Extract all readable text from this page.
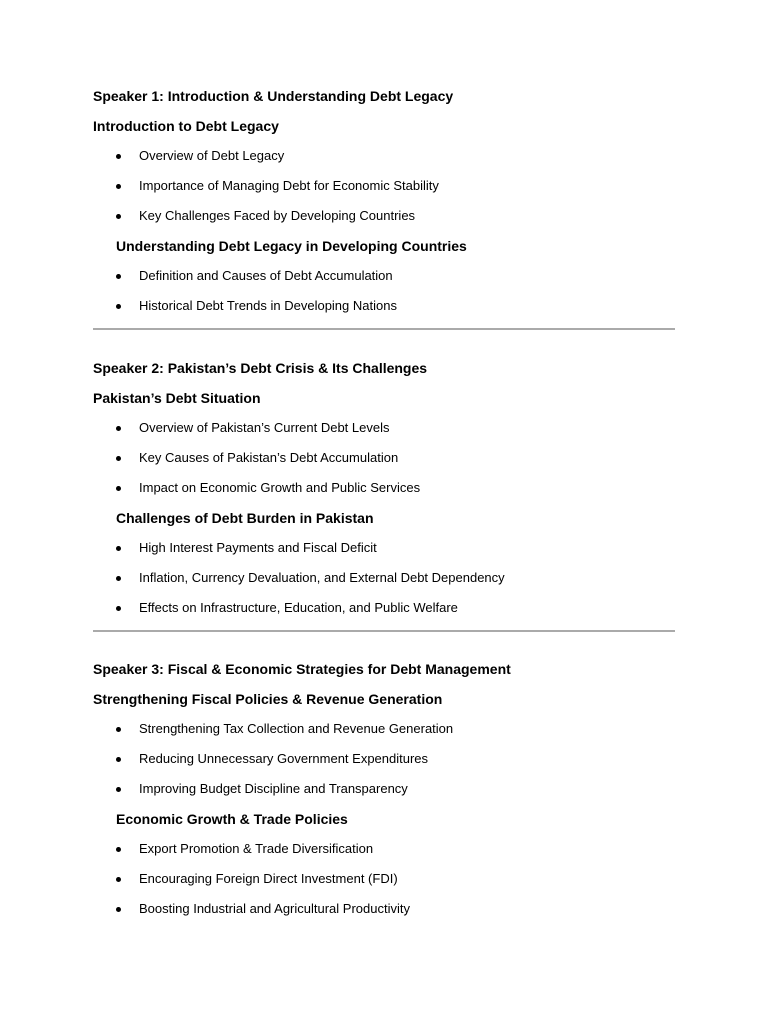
Speaker 1: Introduction & Understanding Debt Legacy

Introduction to Debt Legacy

Overview of Debt Legacy
Importance of Managing Debt for Economic Stability
Key Challenges Faced by Developing Countries

Understanding Debt Legacy in Developing Countries

Definition and Causes of Debt Accumulation
Historical Debt Trends in Developing Nations

Speaker 2: Pakistan’s Debt Crisis & Its Challenges

Pakistan’s Debt Situation

Overview of Pakistan’s Current Debt Levels
Key Causes of Pakistan’s Debt Accumulation
Impact on Economic Growth and Public Services

Challenges of Debt Burden in Pakistan

High Interest Payments and Fiscal Deficit
Inflation, Currency Devaluation, and External Debt Dependency
Effects on Infrastructure, Education, and Public Welfare

Speaker 3: Fiscal & Economic Strategies for Debt Management

Strengthening Fiscal Policies & Revenue Generation

Strengthening Tax Collection and Revenue Generation
Reducing Unnecessary Government Expenditures
Improving Budget Discipline and Transparency

Economic Growth & Trade Policies

Export Promotion & Trade Diversification
Encouraging Foreign Direct Investment (FDI)
Boosting Industrial and Agricultural Productivity
